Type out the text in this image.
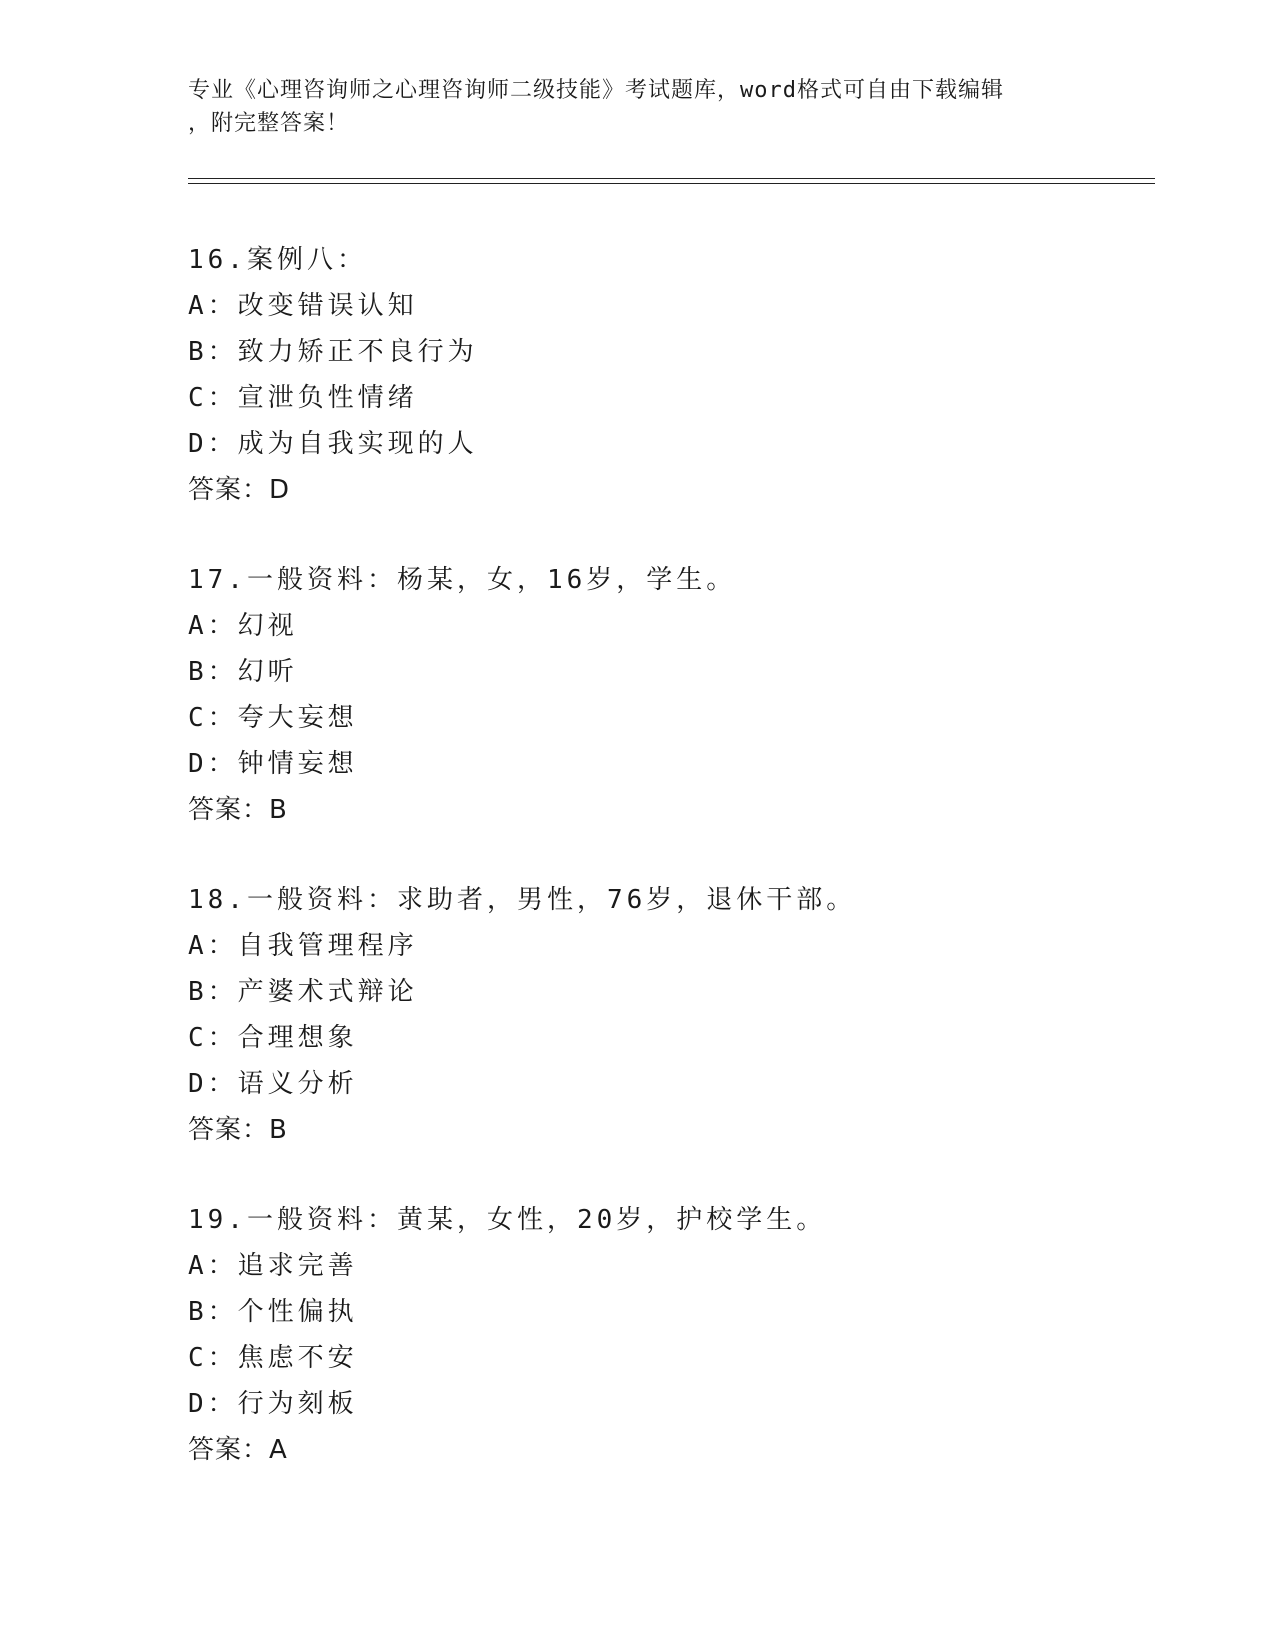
专业《心理咨询师之心理咨询师二级技能》考试题库，word格式可自由下载编辑
，附完整答案！
16.案例八：
A：改变错误认知
B：致力矫正不良行为
C：宣泄负性情绪
D：成为自我实现的人
答案：D
17.一般资料：杨某，女，16岁，学生。
A：幻视
B：幻听
C：夸大妄想
D：钟情妄想
答案：B
18.一般资料：求助者，男性，76岁，退休干部。
A：自我管理程序
B：产婆术式辩论
C：合理想象
D：语义分析
答案：B
19.一般资料：黄某，女性，20岁，护校学生。
A：追求完善
B：个性偏执
C：焦虑不安
D：行为刻板
答案：A
